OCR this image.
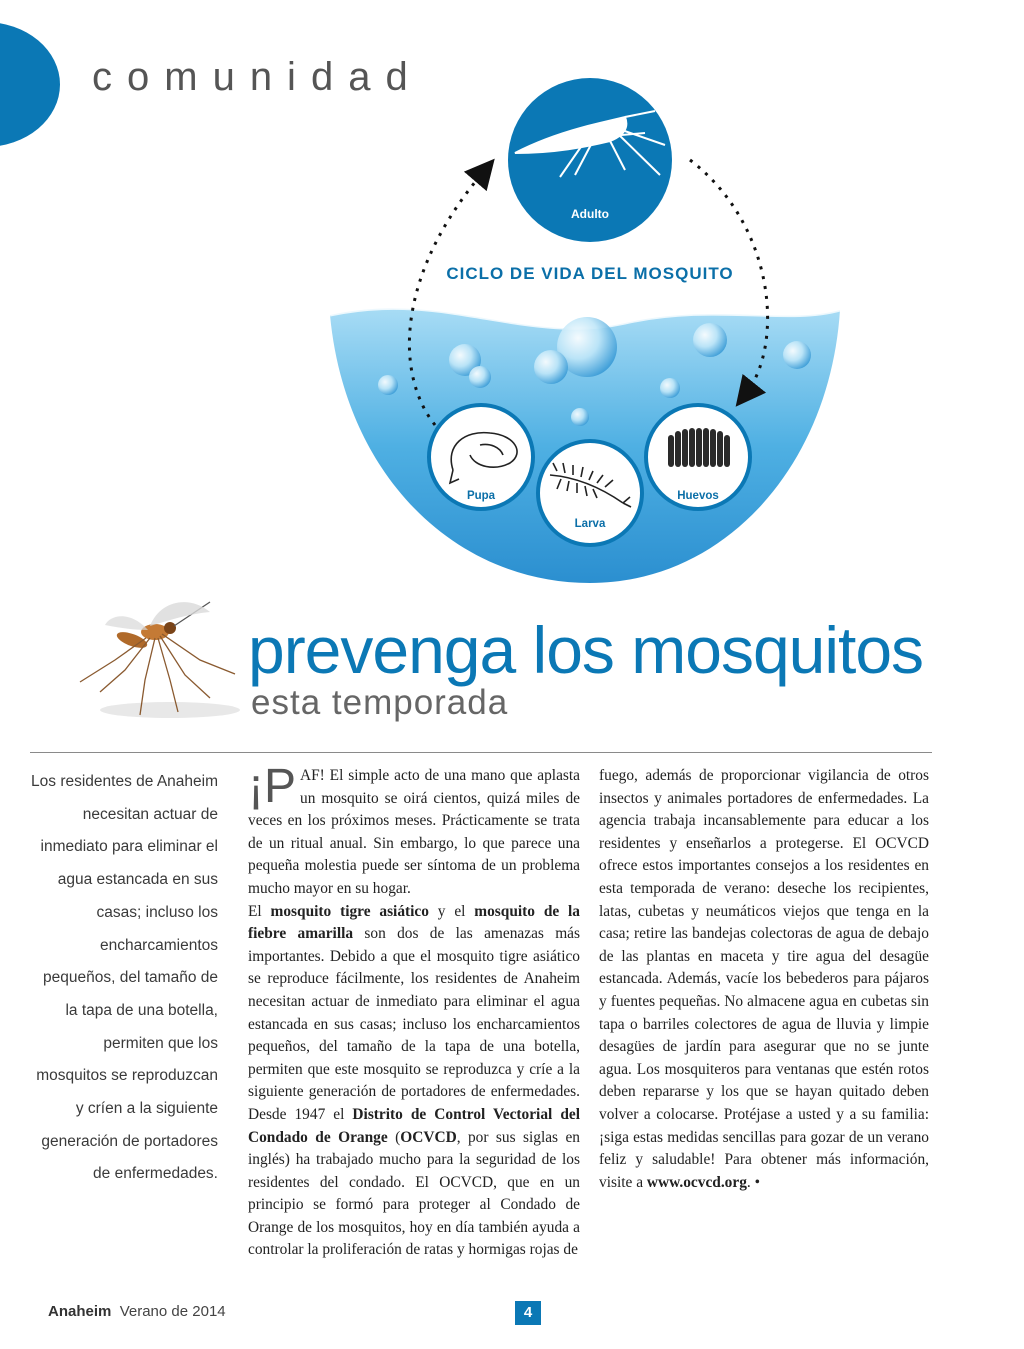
comunidad
Adulto
CICLO DE VIDA DEL MOSQUITO
Pupa
Larva
Huevos
prevenga los mosquitos
esta temporada
Los residentes de Anaheim necesitan actuar de inmediato para eliminar el agua estancada en sus casas; incluso los encharcamientos pequeños, del tamaño de la tapa de una botella, permiten que los mosquitos se reproduzcan y críen a la siguiente generación de portadores de enfermedades.

¡P AF! El simple acto de una mano que aplasta un mosquito se oirá cientos, quizá miles de veces en los próximos meses. Prácticamente se trata de un ritual anual. Sin embargo, lo que parece una pequeña molestia puede ser síntoma de un problema mucho mayor en su hogar.

El mosquito tigre asiático y el mosquito de la fiebre amarilla son dos de las amenazas más importantes. Debido a que el mosquito tigre asiático se reproduce fácilmente, los residentes de Anaheim necesitan actuar de inmediato para eliminar el agua estancada en sus casas; incluso los encharcamientos pequeños, del tamaño de la tapa de una botella, permiten que este mosquito se reproduzca y críe a la siguiente generación de portadores de enfermedades. Desde 1947 el Distrito de Control Vectorial del Condado de Orange (OCVCD, por sus siglas en inglés) ha trabajado mucho para la seguridad de los residentes del condado. El OCVCD, que en un principio se formó para proteger al Condado de Orange de los mosquitos, hoy en día también ayuda a controlar la proliferación de ratas y hormigas rojas de

fuego, además de proporcionar vigilancia de otros insectos y animales portadores de enfermedades. La agencia trabaja incansablemente para educar a los residentes y enseñarlos a protegerse. El OCVCD ofrece estos importantes consejos a los residentes en esta temporada de verano: deseche los recipientes, latas, cubetas y neumáticos viejos que tenga en la casa; retire las bandejas colectoras de agua de debajo de las plantas en maceta y tire agua del desagüe estancada. Además, vacíe los bebederos para pájaros y fuentes pequeñas. No almacene agua en cubetas sin tapa o barriles colectores de agua de lluvia y limpie desagües de jardín para asegurar que no se junte agua. Los mosquiteros para ventanas que estén rotos deben repararse y los que se hayan quitado deben volver a colocarse. Protéjase a usted y a su familia: ¡siga estas medidas sencillas para gozar de un verano feliz y saludable! Para obtener más información, visite a www.ocvcd.org. •

Anaheim Verano de 2014	4
